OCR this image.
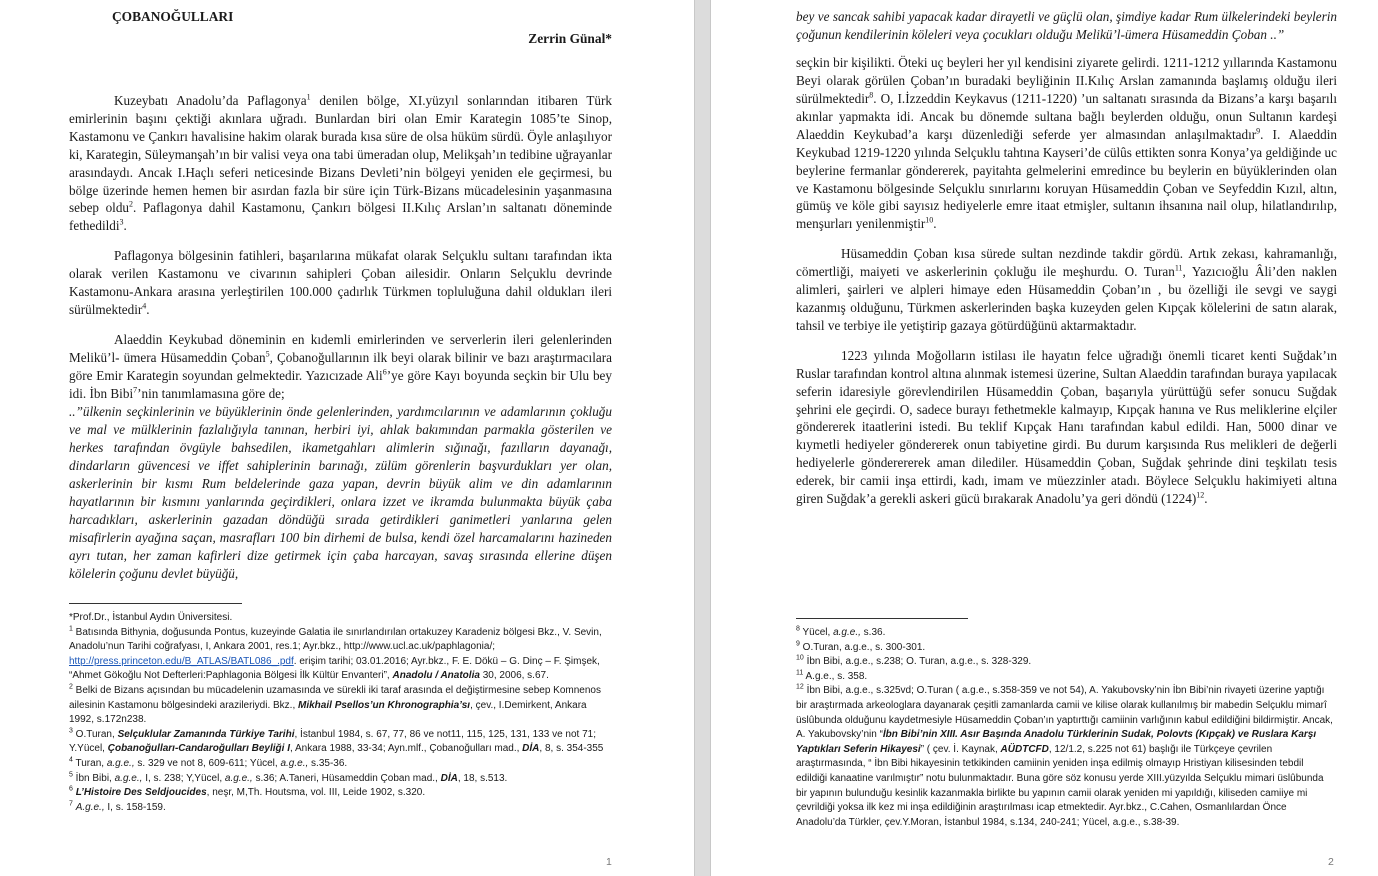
ÇOBANOĞULLARI

Zerrin Günal*

Kuzeybatı Anadolu’da Paflagonya$^1$ denilen bölge, XI.yüzyıl sonlarından itibaren Türk emirlerinin başını çektiği akınlara uğradı. Bunlardan biri olan Emir Karategin 1085’te Sinop, Kastamonu ve Çankırı havalisine hakim olarak burada kısa süre de olsa hüküm sürdü. Öyle anlaşılıyor ki, Karategin, Süleymanşah’ın bir valisi veya ona tabi ümeradan olup, Melikşah’ın tedibine uğrayanlar arasındaydı. Ancak I.Haçlı seferi neticesinde Bizans Devleti’nin bölgeyi yeniden ele geçirmesi, bu bölge üzerinde hemen hemen bir asırdan fazla bir süre için Türk-Bizans mücadelesinin yaşanmasına sebep oldu$^2$. Paflagonya dahil Kastamonu, Çankırı bölgesi II.Kılıç Arslan’ın saltanatı döneminde fethedildi$^3$.

Paflagonya bölgesinin fatihleri, başarılarına mükafat olarak Selçuklu sultanı tarafından ikta olarak verilen Kastamonu ve civarının sahipleri Çoban ailesidir. Onların Selçuklu devrinde Kastamonu-Ankara arasına yerleştirilen 100.000 çadırlık Türkmen topluluğuna dahil oldukları ileri sürülmektedir$^4$.

Alaeddin Keykubad döneminin en kıdemli emirlerinden ve serverlerin ileri gelenlerinden Melikü’l- ümera Hüsameddin Çoban$^5$, Çobanoğullarının ilk beyi olarak bilinir ve bazı araştırmacılara göre Emir Karategin soyundan gelmektedir. Yazıcızade Ali$^6$’ye göre Kayı boyunda seçkin bir Ulu bey idi. İbn Bibi$^7$’nin tanımlamasına göre de;

..”ülkenin seçkinlerinin ve büyüklerinin önde gelenlerinden, yardımcılarının ve adamlarının çokluğu ve mal ve mülklerinin fazlalığıyla tanınan, herbiri iyi, ahlak bakımından parmakla gösterilen ve herkes tarafından övgüyle bahsedilen, ikametgahları alimlerin sığınağı, fazılların dayanağı, dindarların güvencesi ve iffet sahiplerinin barınağı, zülüm görenlerin başvurdukları yer olan, askerlerinin bir kısmı Rum beldelerinde gaza yapan, devrin büyük alim ve din adamlarının hayatlarının bir kısmını yanlarında geçirdikleri, onlara izzet ve ikramda bulunmakta büyük çaba harcadıkları, askerlerinin gazadan döndüğü sırada getirdikleri ganimetleri yanlarına gelen misafirlerin ayağına saçan, masrafları 100 bin dirhemi de bulsa, kendi özel harcamalarını hazineden ayrı tutan, her zaman kafirleri dize getirmek için çaba harcayan, savaş sırasında ellerine düşen kölelerin çoğunu devlet büyüğü,

*Prof.Dr., İstanbul Aydın Üniversitesi.

$^1$ Batısında Bithynia, doğusunda Pontus, kuzeyinde Galatia ile sınırlandırılan ortakuzey Karadeniz bölgesi Bkz., V. Sevin, Anadolu’nun Tarihi coğrafyası, I, Ankara 2001, res.1; Ayr.bkz., http://www.ucl.ac.uk/paphlagonia/; http://press.princeton.edu/B_ATLAS/BATL086_.pdf. erişim tarihi; 03.01.2016; Ayr.bkz., F. E. Dökü – G. Dinç – F. Şimşek, “Ahmet Gökoğlu Not Defterleri:Paphlagonia Bölgesi İlk Kültür Envanteri”, Anadolu / Anatolia 30, 2006, s.67.

$^2$ Belki de Bizans açısından bu mücadelenin uzamasında ve sürekli iki taraf arasında el değiştirmesine sebep Komnenos ailesinin Kastamonu bölgesindeki arazileriydi. Bkz., Mikhail Psellos’un Khronographia’sı, çev., I.Demirkent, Ankara 1992, s.172n238.

$^3$ O.Turan, Selçuklular Zamanında Türkiye Tarihi, İstanbul 1984, s. 67, 77, 86 ve not11, 115, 125, 131, 133 ve not 71; Y.Yücel, Çobanoğulları-Candaroğulları Beyliği I, Ankara 1988, 33-34; Ayn.mlf., Çobanoğulları mad., DİA, 8, s. 354-355

$^4$ Turan, a.g.e., s. 329 ve not 8, 609-611; Yücel, a.g.e., s.35-36.

$^5$ İbn Bibi, a.g.e., I, s. 238; Y,Yücel, a.g.e., s.36; A.Taneri, Hüsameddin Çoban mad., DİA, 18, s.513.

$^6$ L’Histoire Des Seldjoucides, neşr, M,Th. Houtsma, vol. III, Leide 1902, s.320.

$^7$ A.g.e., I, s. 158-159.

1

bey ve sancak sahibi yapacak kadar dirayetli ve güçlü olan, şimdiye kadar Rum ülkelerindeki beylerin çoğunun kendilerinin köleleri veya çocukları olduğu Melikü’l-ümera Hüsameddin Çoban ..”

seçkin bir kişilikti. Öteki uç beyleri her yıl kendisini ziyarete gelirdi. 1211-1212 yıllarında Kastamonu Beyi olarak görülen Çoban’ın buradaki beyliğinin II.Kılıç Arslan zamanında başlamış olduğu ileri sürülmektedir$^8$. O, I.İzzeddin Keykavus (1211-1220) ’un saltanatı sırasında da Bizans’a karşı başarılı akınlar yapmakta idi. Ancak bu dönemde sultana bağlı beylerden olduğu, onun Sultanın kardeşi Alaeddin Keykubad’a karşı düzenlediği seferde yer almasından anlaşılmaktadır$^9$. I. Alaeddin Keykubad 1219-1220 yılında Selçuklu tahtına Kayseri’de cülûs ettikten sonra Konya’ya geldiğinde uc beylerine fermanlar göndererek, payitahta gelmelerini emredince bu beylerin en büyüklerinden olan ve Kastamonu bölgesinde Selçuklu sınırlarını koruyan Hüsameddin Çoban ve Seyfeddin Kızıl, altın, gümüş ve köle gibi sayısız hediyelerle emre itaat etmişler, sultanın ihsanına nail olup, hilatlandırılıp, menşurları yenilenmiştir$^{10}$.

Hüsameddin Çoban kısa sürede sultan nezdinde takdir gördü. Artık zekası, kahramanlığı, cömertliği, maiyeti ve askerlerinin çokluğu ile meşhurdu. O. Turan$^{11}$, Yazıcıoğlu Âli’den naklen alimleri, şairleri ve alpleri himaye eden Hüsameddin Çoban’ın , bu özelliği ile sevgi ve saygi kazanmış olduğunu, Türkmen askerlerinden başka kuzeyden gelen Kıpçak kölelerini de satın alarak, tahsil ve terbiye ile yetiştirip gazaya götürdüğünü aktarmaktadır.

1223 yılında Moğolların istilası ile hayatın felce uğradığı önemli ticaret kenti Suğdak’ın Ruslar tarafından kontrol altına alınmak istemesi üzerine, Sultan Alaeddin tarafından buraya yapılacak seferin idaresiyle görevlendirilen Hüsameddin Çoban, başarıyla yürüttüğü sefer sonucu Suğdak şehrini ele geçirdi. O, sadece burayı fethetmekle kalmayıp, Kıpçak hanına ve Rus meliklerine elçiler göndererek itaatlerini istedi. Bu teklif Kıpçak Hanı tarafından kabul edildi. Han, 5000 dinar ve kıymetli hediyeler göndererek onun tabiyetine girdi. Bu durum karşısında Rus melikleri de değerli hediyelerle gönderererek aman dilediler. Hüsameddin Çoban, Suğdak şehrinde dini teşkilatı tesis ederek, bir camii inşa ettirdi, kadı, imam ve müezzinler atadı. Böylece Selçuklu hakimiyeti altına giren Suğdak’a gerekli askeri gücü bırakarak Anadolu’ya geri döndü $(1224)^{12}$.

$^8$ Yücel, a.g.e., s.36.

$^9$ O.Turan, a.g.e., s. 300-301.

$^{10}$ İbn Bibi, a.g.e., s.238; O. Turan, a.g.e., s. 328-329.

$^{11}$ A.g.e., s. 358.

$^{12}$ İbn Bibi, a.g.e., s.325vd; O.Turan ( a.g.e., s.358-359 ve not 54), A. Yakubovsky’nin İbn Bibi’nin rivayeti üzerine yaptığı bir araştırmada arkeologlara dayanarak çeşitli zamanlarda camii ve kilise olarak kullanılmış bir mabedin Selçuklu mimarî üslûbunda olduğunu kaydetmesiyle Hüsameddin Çoban’ın yaptırttığı camiinin varlığının kabul edildiğini bildirmiştir. Ancak, A. Yakubovsky’nin “İbn Bibi’nin XIII. Asır Başında Anadolu Türklerinin Sudak, Polovts (Kıpçak) ve Ruslara Karşı Yaptıkları Seferin Hikayesi” ( çev. İ. Kaynak, AÜDTCFD, 12/1.2, s.225 not 61) başlığı ile Türkçeye çevrilen araştırmasında, “ İbn Bibi hikayesinin tetkikinden camiinin yeniden inşa edilmiş olmayıp Hristiyan kilisesinden tebdil edildiği kanaatine varılmıştır” notu bulunmaktadır. Buna göre söz konusu yerde XIII.yüzyılda Selçuklu mimari üslûbunda bir yapının bulunduğu kesinlik kazanmakla birlikte bu yapının camii olarak yeniden mi yapıldığı, kiliseden camiiye mi çevrildiği yoksa ilk kez mi inşa edildiğinin araştırılması icap etmektedir. Ayr.bkz., C.Cahen, Osmanlılardan Önce Anadolu’da Türkler, çev.Y.Moran, İstanbul 1984, s.134, 240-241; Yücel, a.g.e., s.38-39.

2
